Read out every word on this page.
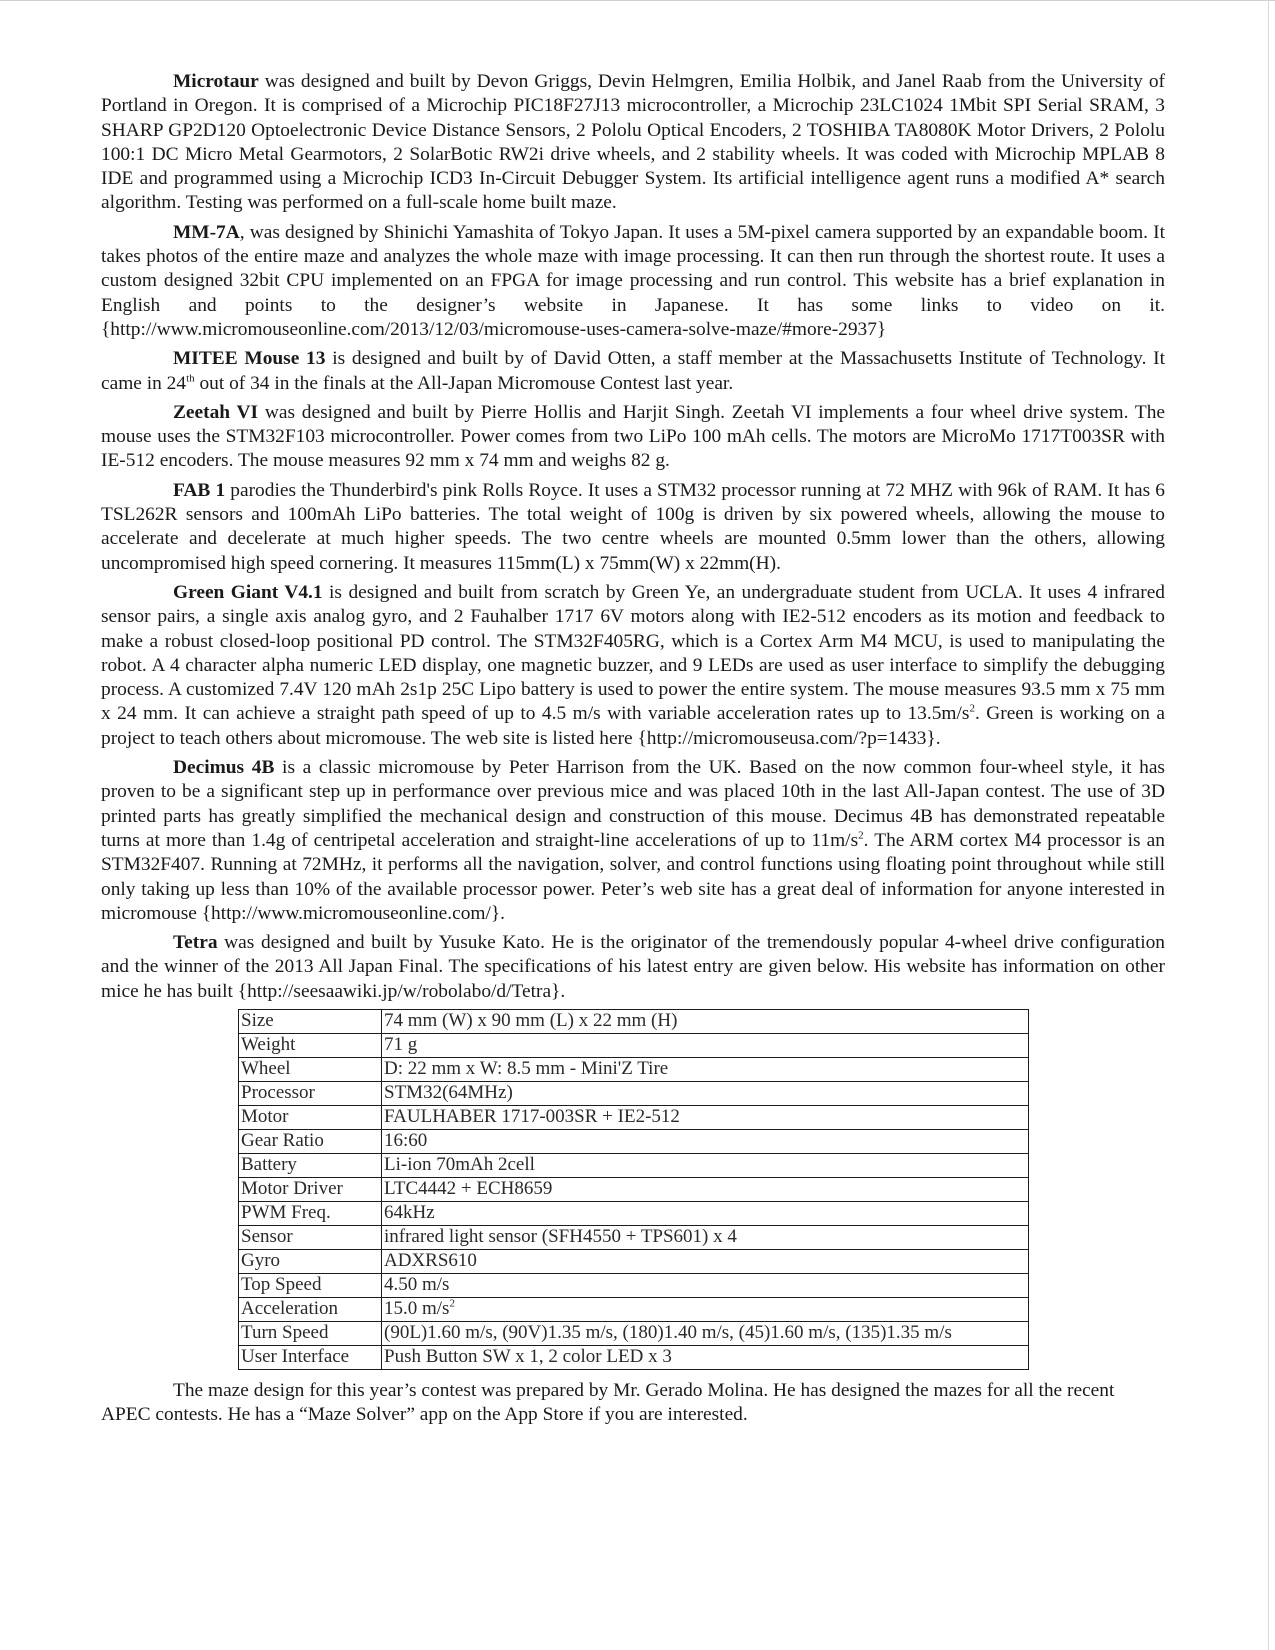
Microtaur was designed and built by Devon Griggs, Devin Helmgren, Emilia Holbik, and Janel Raab from the University of Portland in Oregon. It is comprised of a Microchip PIC18F27J13 microcontroller, a Microchip 23LC1024 1Mbit SPI Serial SRAM, 3 SHARP GP2D120 Optoelectronic Device Distance Sensors, 2 Pololu Optical Encoders, 2 TOSHIBA TA8080K Motor Drivers, 2 Pololu 100:1 DC Micro Metal Gearmotors, 2 SolarBotic RW2i drive wheels, and 2 stability wheels. It was coded with Microchip MPLAB 8 IDE and programmed using a Microchip ICD3 In-Circuit Debugger System. Its artificial intelligence agent runs a modified A* search algorithm. Testing was performed on a full-scale home built maze.

MM-7A, was designed by Shinichi Yamashita of Tokyo Japan. It uses a 5M-pixel camera supported by an expandable boom. It takes photos of the entire maze and analyzes the whole maze with image processing. It can then run through the shortest route. It uses a custom designed 32bit CPU implemented on an FPGA for image processing and run control. This website has a brief explanation in English and points to the designer’s website in Japanese. It has some links to video on it. {http://www.micromouseonline.com/2013/12/03/micromouse-uses-camera-solve-maze/#more-2937}

MITEE Mouse 13 is designed and built by of David Otten, a staff member at the Massachusetts Institute of Technology. It came in 24th out of 34 in the finals at the All-Japan Micromouse Contest last year.

Zeetah VI was designed and built by Pierre Hollis and Harjit Singh. Zeetah VI implements a four wheel drive system. The mouse uses the STM32F103 microcontroller. Power comes from two LiPo 100 mAh cells. The motors are MicroMo 1717T003SR with IE-512 encoders. The mouse measures 92 mm x 74 mm and weighs 82 g.

FAB 1 parodies the Thunderbird's pink Rolls Royce. It uses a STM32 processor running at 72 MHZ with 96k of RAM. It has 6 TSL262R sensors and 100mAh LiPo batteries. The total weight of 100g is driven by six powered wheels, allowing the mouse to accelerate and decelerate at much higher speeds. The two centre wheels are mounted 0.5mm lower than the others, allowing uncompromised high speed cornering. It measures 115mm(L) x 75mm(W) x 22mm(H).

Green Giant V4.1 is designed and built from scratch by Green Ye, an undergraduate student from UCLA. It uses 4 infrared sensor pairs, a single axis analog gyro, and 2 Fauhalber 1717 6V motors along with IE2-512 encoders as its motion and feedback to make a robust closed-loop positional PD control. The STM32F405RG, which is a Cortex Arm M4 MCU, is used to manipulating the robot. A 4 character alpha numeric LED display, one magnetic buzzer, and 9 LEDs are used as user interface to simplify the debugging process. A customized 7.4V 120 mAh 2s1p 25C Lipo battery is used to power the entire system. The mouse measures 93.5 mm x 75 mm x 24 mm. It can achieve a straight path speed of up to 4.5 m/s with variable acceleration rates up to $13.5m/s^2$. Green is working on a project to teach others about micromouse. The web site is listed here {http://micromouseusa.com/?p=1433}.

Decimus 4B is a classic micromouse by Peter Harrison from the UK. Based on the now common four-wheel style, it has proven to be a significant step up in performance over previous mice and was placed 10th in the last All-Japan contest. The use of 3D printed parts has greatly simplified the mechanical design and construction of this mouse. Decimus 4B has demonstrated repeatable turns at more than 1.4g of centripetal acceleration and straight-line accelerations of up to $11m/s^2$. The ARM cortex M4 processor is an STM32F407. Running at 72MHz, it performs all the navigation, solver, and control functions using floating point throughout while still only taking up less than 10% of the available processor power. Peter’s web site has a great deal of information for anyone interested in micromouse {http://www.micromouseonline.com/}.

Tetra was designed and built by Yusuke Kato. He is the originator of the tremendously popular 4-wheel drive configuration and the winner of the 2013 All Japan Final. The specifications of his latest entry are given below. His website has information on other mice he has built {http://seesaawiki.jp/w/robolabo/d/Tetra}.

Size	74 mm (W) x 90 mm (L) x 22 mm (H)
Weight	71 g
Wheel	D: 22 mm x W: 8.5 mm - Mini'Z Tire
Processor	STM32(64MHz)
Motor	FAULHABER 1717-003SR + IE2-512
Gear Ratio	16:60
Battery	Li-ion 70mAh 2cell
Motor Driver	LTC4442 + ECH8659
PWM Freq.	64kHz
Sensor	infrared light sensor (SFH4550 + TPS601) x 4
Gyro	ADXRS610
Top Speed	4.50 m/s
Acceleration	15.0 $m/s^2$
Turn Speed	(90L)1.60 m/s, (90V)1.35 m/s, (180)1.40 m/s, (45)1.60 m/s, (135)1.35 m/s
User Interface	Push Button SW x 1, 2 color LED x 3

The maze design for this year’s contest was prepared by Mr. Gerado Molina. He has designed the mazes for all the recent APEC contests. He has a “Maze Solver” app on the App Store if you are interested.
